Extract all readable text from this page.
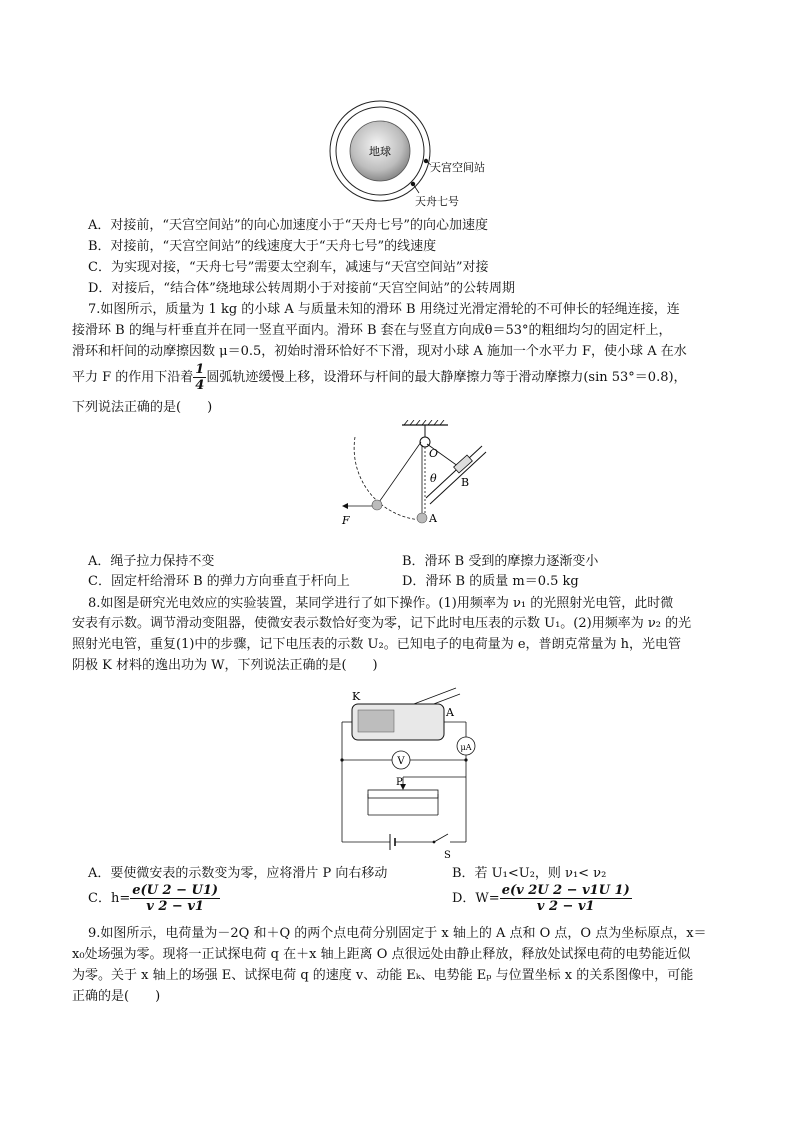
地球
天宫空间站
天舟七号
A．对接前，“天宫空间站”的向心加速度小于“天舟七号”的向心加速度
B．对接前，“天宫空间站”的线速度大于“天舟七号”的线速度
C．为实现对接，“天舟七号”需要太空刹车，减速与“天宫空间站”对接
D．对接后，“结合体”绕地球公转周期小于对接前“天宫空间站”的公转周期
7.如图所示，质量为 1 kg 的小球 A 与质量未知的滑环 B 用绕过光滑定滑轮的不可伸长的轻绳连接，连
接滑环 B 的绳与杆垂直并在同一竖直平面内。滑环 B 套在与竖直方向成θ＝53°的粗细均匀的固定杆上，
滑环和杆间的动摩擦因数 μ＝0.5，初始时滑环恰好不下滑，现对小球 A 施加一个水平力 F，使小球 A 在水
平力 F 的作用下沿着 $\frac{1}{4}$ 圆弧轨迹缓慢上移，设滑环与杆间的最大静摩擦力等于滑动摩擦力(sin 53°＝0.8)，
下列说法正确的是(　　)
O
B
θ
A
F
A．绳子拉力保持不变	B．滑环 B 受到的摩擦力逐渐变小
C．固定杆给滑环 B 的弹力方向垂直于杆向上	D．滑环 B 的质量 m＝0.5 kg
8.如图是研究光电效应的实验装置，某同学进行了如下操作。(1)用频率为 ν₁ 的光照射光电管，此时微
安表有示数。调节滑动变阻器，使微安表示数恰好变为零，记下此时电压表的示数 U₁。(2)用频率为 ν₂ 的光
照射光电管，重复(1)中的步骤，记下电压表的示数 U₂。已知电子的电荷量为 e，普朗克常量为 h，光电管
阴极 K 材料的逸出功为 W，下列说法正确的是(　　)
K
A
μA
V
P
S
A．要使微安表的示数变为零，应将滑片 P 向右移动	B．若 U₁<U₂，则 ν₁< ν₂
C．$h= \frac{e(U 2 - U1)}{v 2 - v1}$	D．$W= \frac{e(v 2U 2 - v1U 1)}{v 2 - v1}$
9.如图所示，电荷量为－2Q 和＋Q 的两个点电荷分别固定于 x 轴上的 A 点和 O 点，O 点为坐标原点，x＝
x₀处场强为零。现将一正试探电荷 q 在＋x 轴上距离 O 点很远处由静止释放，释放处试探电荷的电势能近似
为零。关于 x 轴上的场强 E、试探电荷 q 的速度 v、动能 Eₖ、电势能 Eₚ 与位置坐标 x 的关系图像中，可能
正确的是(　　)
